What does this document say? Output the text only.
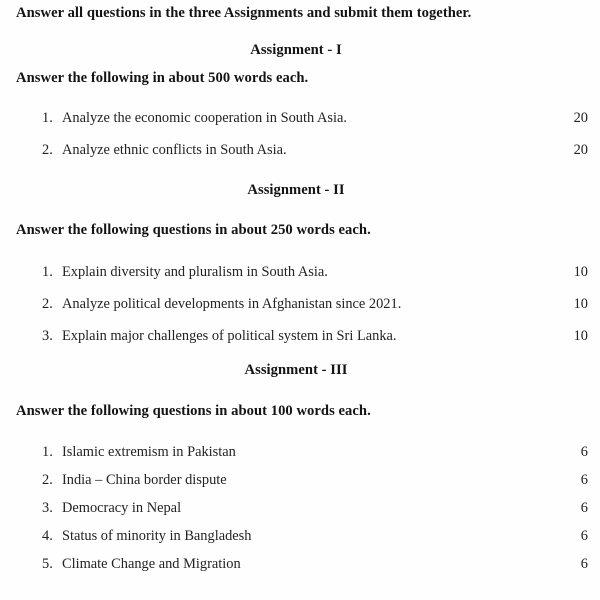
Answer all questions in the three Assignments and submit them together.

Assignment - I

Answer the following in about 500 words each.

1. Analyze the economic cooperation in South Asia.	20
2. Analyze ethnic conflicts in South Asia.	20

Assignment - II

Answer the following questions in about 250 words each.

1. Explain diversity and pluralism in South Asia.	10
2. Analyze political developments in Afghanistan since 2021.	10
3. Explain major challenges of political system in Sri Lanka.	10

Assignment - III

Answer the following questions in about 100 words each.

1. Islamic extremism in Pakistan	6
2. India – China border dispute	6
3. Democracy in Nepal	6
4. Status of minority in Bangladesh	6
5. Climate Change and Migration	6
